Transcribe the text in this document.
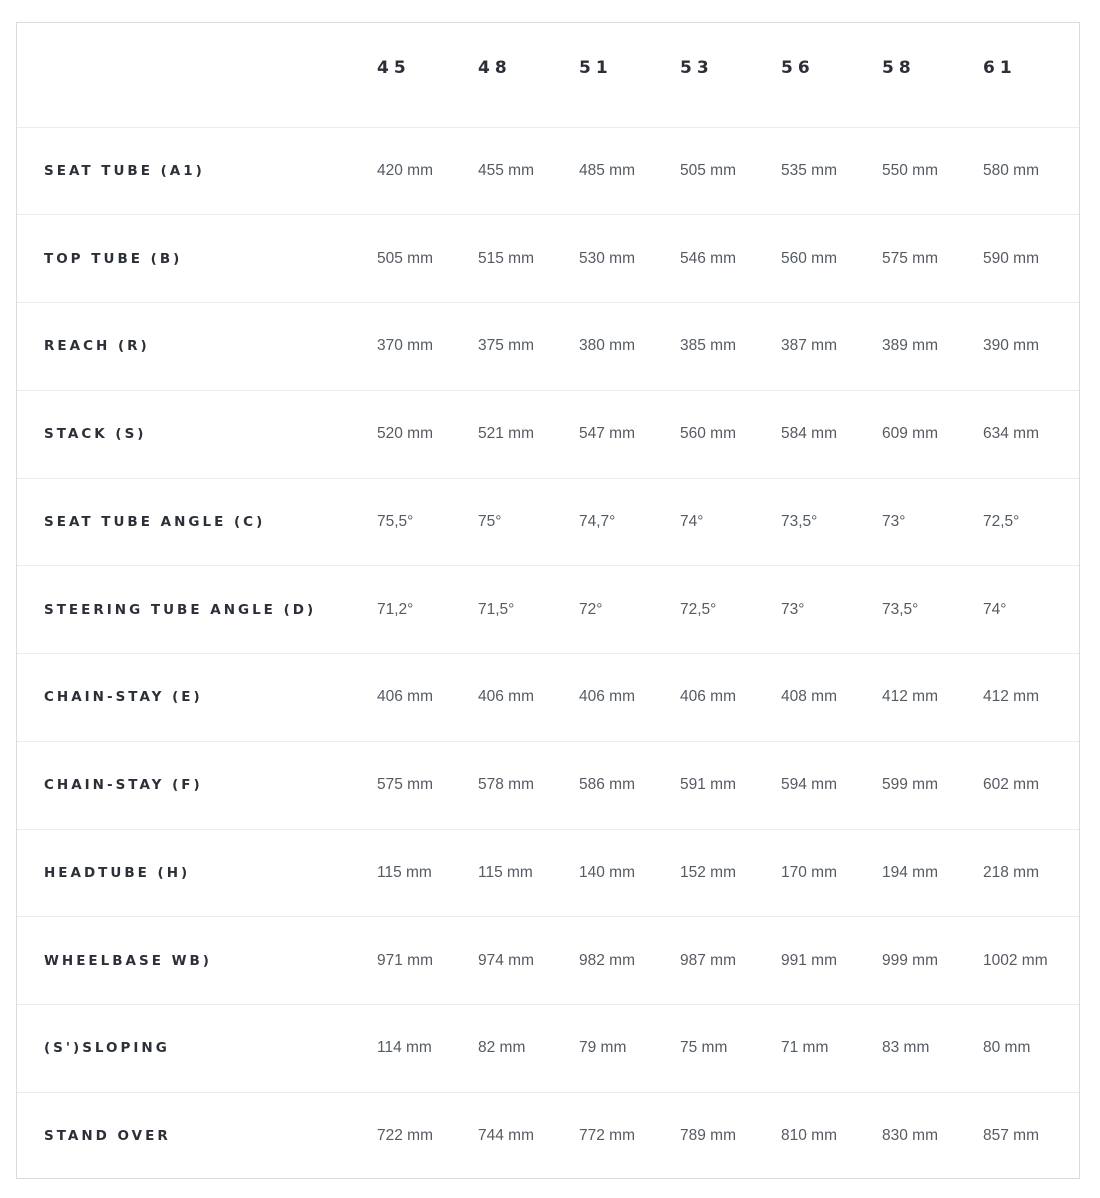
	45	48	51	53	56	58	61
SEAT TUBE (A1)	420 mm	455 mm	485 mm	505 mm	535 mm	550 mm	580 mm
TOP TUBE (B)	505 mm	515 mm	530 mm	546 mm	560 mm	575 mm	590 mm
REACH (R)	370 mm	375 mm	380 mm	385 mm	387 mm	389 mm	390 mm
STACK (S)	520 mm	521 mm	547 mm	560 mm	584 mm	609 mm	634 mm
SEAT TUBE ANGLE (C)	75,5°	75°	74,7°	74°	73,5°	73°	72,5°
STEERING TUBE ANGLE (D)	71,2°	71,5°	72°	72,5°	73°	73,5°	74°
CHAIN-STAY (E)	406 mm	406 mm	406 mm	406 mm	408 mm	412 mm	412 mm
CHAIN-STAY (F)	575 mm	578 mm	586 mm	591 mm	594 mm	599 mm	602 mm
HEADTUBE (H)	115 mm	115 mm	140 mm	152 mm	170 mm	194 mm	218 mm
WHEELBASE WB)	971 mm	974 mm	982 mm	987 mm	991 mm	999 mm	1002 mm
(S')SLOPING	114 mm	82 mm	79 mm	75 mm	71 mm	83 mm	80 mm
STAND OVER	722 mm	744 mm	772 mm	789 mm	810 mm	830 mm	857 mm
